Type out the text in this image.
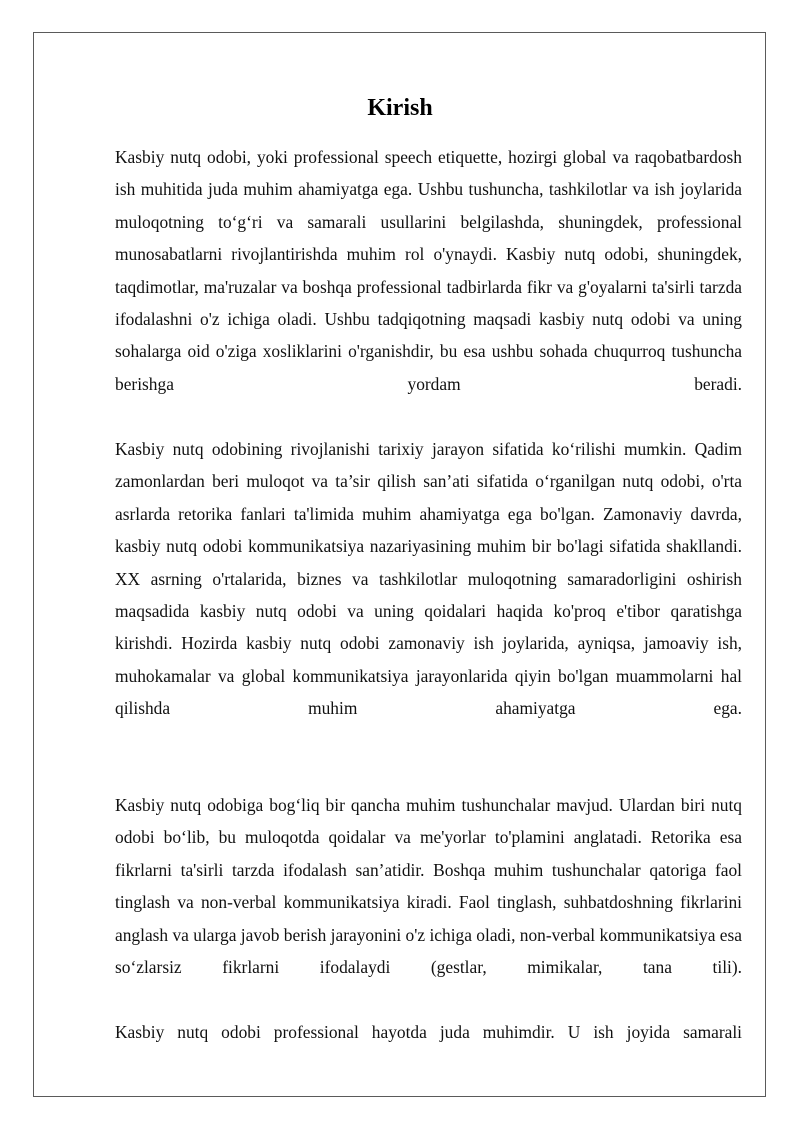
Kirish

Kasbiy nutq odobi, yoki professional speech etiquette, hozirgi global va raqobatbardosh ish muhitida juda muhim ahamiyatga ega. Ushbu tushuncha, tashkilotlar va ish joylarida muloqotning to‘g‘ri va samarali usullarini belgilashda, shuningdek, professional munosabatlarni rivojlantirishda muhim rol o'ynaydi. Kasbiy nutq odobi, shuningdek, taqdimotlar, ma'ruzalar va boshqa professional tadbirlarda fikr va g'oyalarni ta'sirli tarzda ifodalashni o'z ichiga oladi. Ushbu tadqiqotning maqsadi kasbiy nutq odobi va uning sohalarga oid o'ziga xosliklarini o'rganishdir, bu esa ushbu sohada chuqurroq tushuncha berishga yordam beradi.

Kasbiy nutq odobining rivojlanishi tarixiy jarayon sifatida ko‘rilishi mumkin. Qadim zamonlardan beri muloqot va ta’sir qilish san’ati sifatida o‘rganilgan nutq odobi, o'rta asrlarda retorika fanlari ta'limida muhim ahamiyatga ega bo'lgan. Zamonaviy davrda, kasbiy nutq odobi kommunikatsiya nazariyasining muhim bir bo'lagi sifatida shakllandi. XX asrning o'rtalarida, biznes va tashkilotlar muloqotning samaradorligini oshirish maqsadida kasbiy nutq odobi va uning qoidalari haqida ko'proq e'tibor qaratishga kirishdi. Hozirda kasbiy nutq odobi zamonaviy ish joylarida, ayniqsa, jamoaviy ish, muhokamalar va global kommunikatsiya jarayonlarida qiyin bo'lgan muammolarni hal qilishda muhim ahamiyatga ega.

Kasbiy nutq odobiga bog‘liq bir qancha muhim tushunchalar mavjud. Ulardan biri nutq odobi bo‘lib, bu muloqotda qoidalar va me'yorlar to'plamini anglatadi. Retorika esa fikrlarni ta'sirli tarzda ifodalash san’atidir. Boshqa muhim tushunchalar qatoriga faol tinglash va non-verbal kommunikatsiya kiradi. Faol tinglash, suhbatdoshning fikrlarini anglash va ularga javob berish jarayonini o'z ichiga oladi, non-verbal kommunikatsiya esa so‘zlarsiz fikrlarni ifodalaydi (gestlar, mimikalar, tana tili).

Kasbiy nutq odobi professional hayotda juda muhimdir. U ish joyida samarali
